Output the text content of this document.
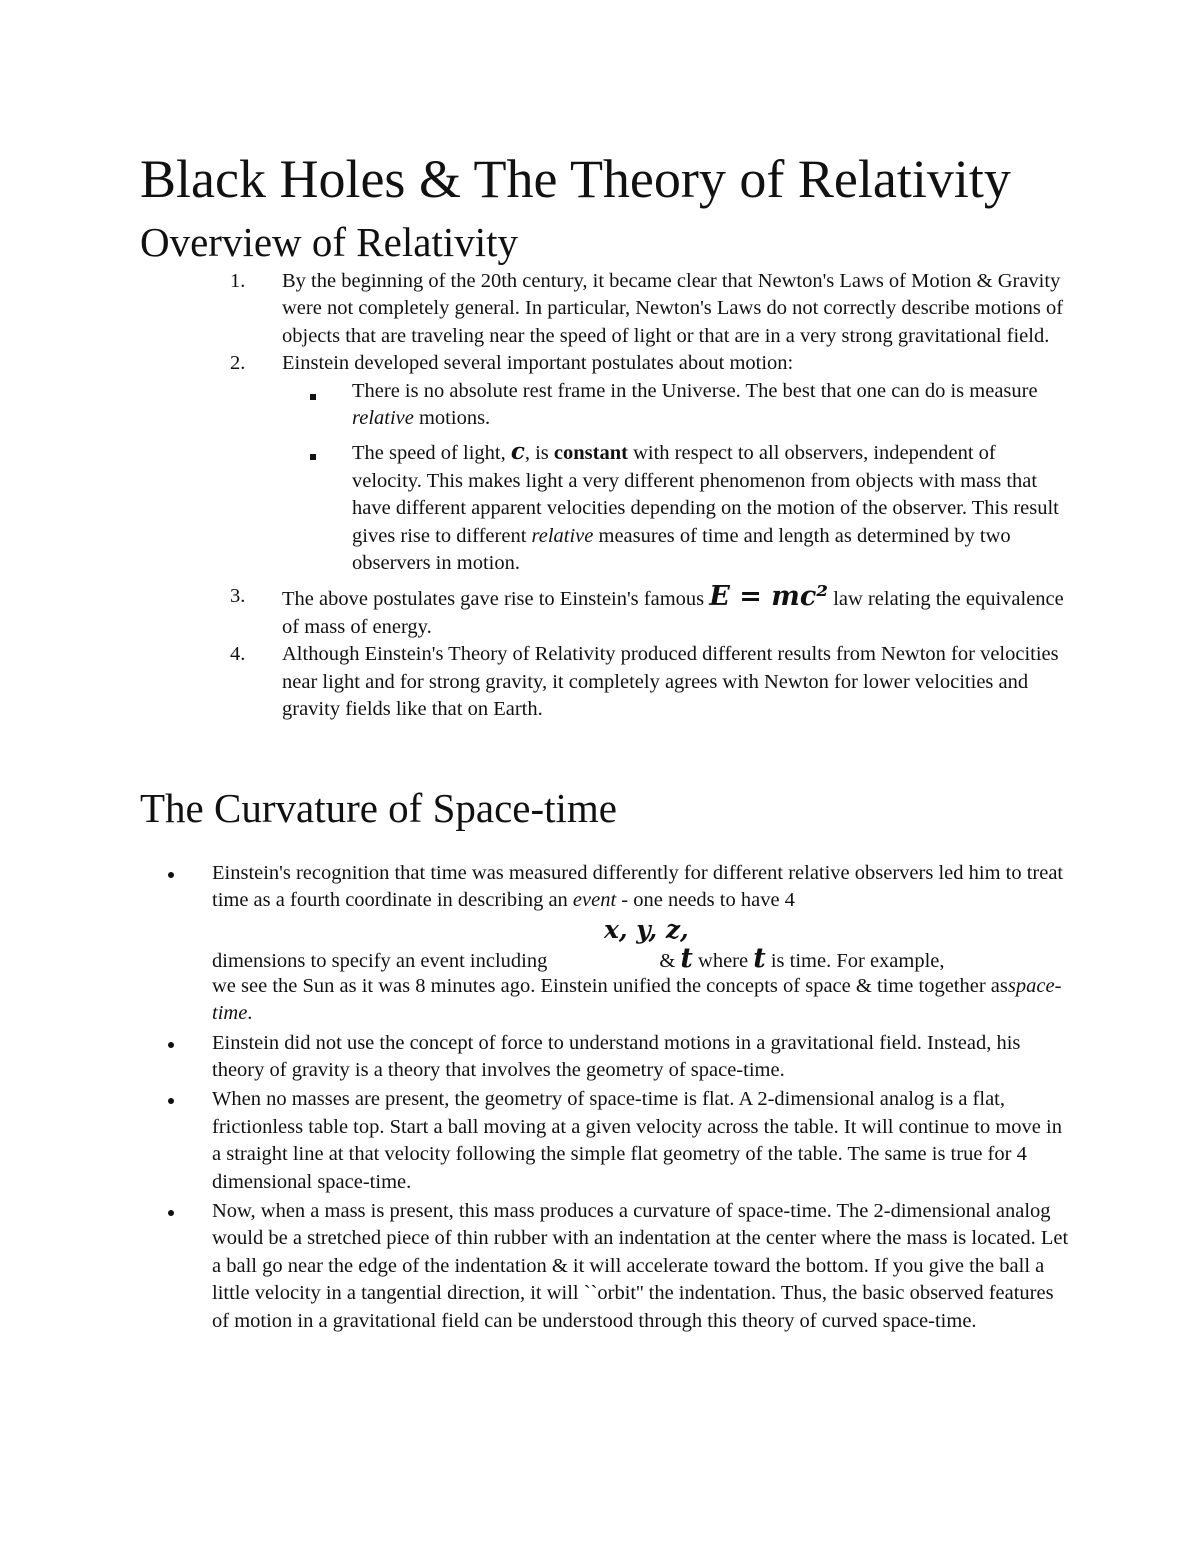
Black Holes & The Theory of Relativity
Overview of Relativity
1. By the beginning of the 20th century, it became clear that Newton's Laws of Motion & Gravity were not completely general. In particular, Newton's Laws do not correctly describe motions of objects that are traveling near the speed of light or that are in a very strong gravitational field.
2. Einstein developed several important postulates about motion:
There is no absolute rest frame in the Universe. The best that one can do is measure relative motions.
The speed of light, c, is constant with respect to all observers, independent of velocity. This makes light a very different phenomenon from objects with mass that have different apparent velocities depending on the motion of the observer. This result gives rise to different relative measures of time and length as determined by two observers in motion.
3. The above postulates gave rise to Einstein's famous E = mc² law relating the equivalence of mass of energy.
4. Although Einstein's Theory of Relativity produced different results from Newton for velocities near light and for strong gravity, it completely agrees with Newton for lower velocities and gravity fields like that on Earth.
The Curvature of Space-time
Einstein's recognition that time was measured differently for different relative observers led him to treat time as a fourth coordinate in describing an event - one needs to have 4
x, y, z,
dimensions to specify an event including	& t where t is time. For example,
we see the Sun as it was 8 minutes ago. Einstein unified the concepts of space & time together asspace-time.
Einstein did not use the concept of force to understand motions in a gravitational field. Instead, his theory of gravity is a theory that involves the geometry of space-time.
When no masses are present, the geometry of space-time is flat. A 2-dimensional analog is a flat, frictionless table top. Start a ball moving at a given velocity across the table. It will continue to move in a straight line at that velocity following the simple flat geometry of the table. The same is true for 4 dimensional space-time.
Now, when a mass is present, this mass produces a curvature of space-time. The 2-dimensional analog would be a stretched piece of thin rubber with an indentation at the center where the mass is located. Let a ball go near the edge of the indentation & it will accelerate toward the bottom. If you give the ball a little velocity in a tangential direction, it will ``orbit'' the indentation. Thus, the basic observed features of motion in a gravitational field can be understood through this theory of curved space-time.
